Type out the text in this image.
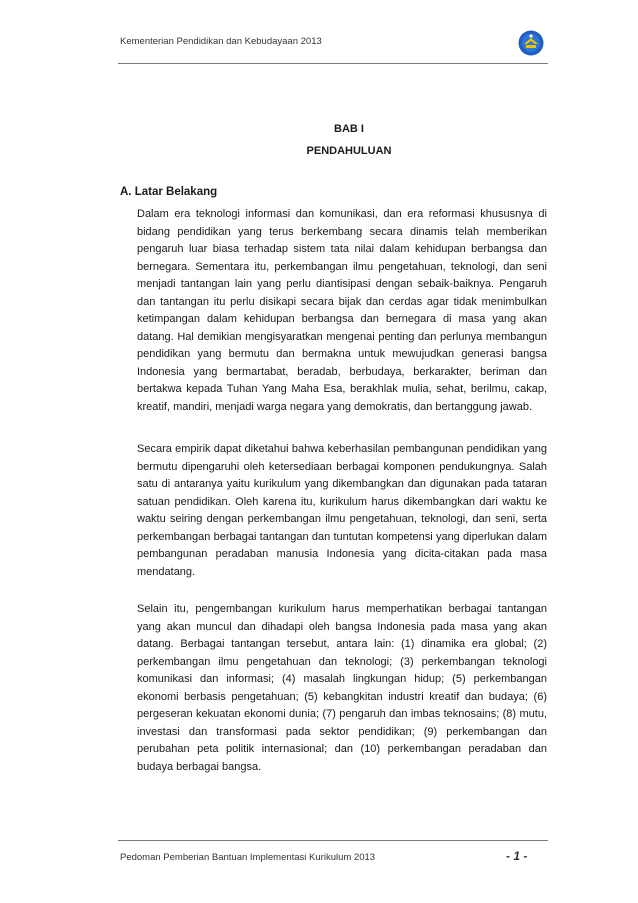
Kementerian Pendidikan dan Kebudayaan 2013
BAB I
PENDAHULUAN
A. Latar Belakang
Dalam era teknologi informasi dan komunikasi, dan era reformasi khususnya di bidang pendidikan yang terus berkembang secara dinamis telah memberikan pengaruh luar biasa terhadap sistem tata nilai dalam kehidupan berbangsa dan bernegara. Sementara itu, perkembangan ilmu pengetahuan, teknologi, dan seni menjadi tantangan lain yang perlu diantisipasi dengan sebaik-baiknya. Pengaruh dan tantangan itu perlu disikapi secara bijak dan cerdas agar tidak menimbulkan ketimpangan dalam kehidupan berbangsa dan bernegara di masa yang akan datang. Hal demikian mengisyaratkan mengenai penting dan perlunya membangun pendidikan yang bermutu dan bermakna untuk mewujudkan generasi bangsa Indonesia yang bermartabat, beradab, berbudaya, berkarakter, beriman dan bertakwa kepada Tuhan Yang Maha Esa, berakhlak mulia, sehat, berilmu, cakap, kreatif, mandiri, menjadi warga negara yang demokratis, dan bertanggung jawab.
Secara empirik dapat diketahui bahwa keberhasilan pembangunan pendidikan yang bermutu dipengaruhi oleh ketersediaan berbagai komponen pendukungnya. Salah satu di antaranya yaitu kurikulum yang dikembangkan dan digunakan pada tataran satuan pendidikan. Oleh karena itu, kurikulum harus dikembangkan dari waktu ke waktu seiring dengan perkembangan ilmu pengetahuan, teknologi, dan seni, serta perkembangan berbagai tantangan dan tuntutan kompetensi yang diperlukan dalam pembangunan peradaban manusia Indonesia yang dicita-citakan pada masa mendatang.
Selain itu, pengembangan kurikulum harus memperhatikan berbagai tantangan yang akan muncul dan dihadapi oleh bangsa Indonesia pada masa yang akan datang. Berbagai tantangan tersebut, antara lain: (1) dinamika era global; (2) perkembangan ilmu pengetahuan dan teknologi; (3) perkembangan teknologi komunikasi dan informasi; (4) masalah lingkungan hidup; (5) perkembangan ekonomi berbasis pengetahuan; (5) kebangkitan industri kreatif dan budaya; (6) pergeseran kekuatan ekonomi dunia; (7) pengaruh dan imbas teknosains; (8) mutu, investasi dan transformasi pada sektor pendidikan; (9) perkembangan dan perubahan peta politik internasional; dan (10) perkembangan peradaban dan budaya berbagai bangsa.
Pedoman Pemberian Bantuan Implementasi Kurikulum 2013	- 1 -
